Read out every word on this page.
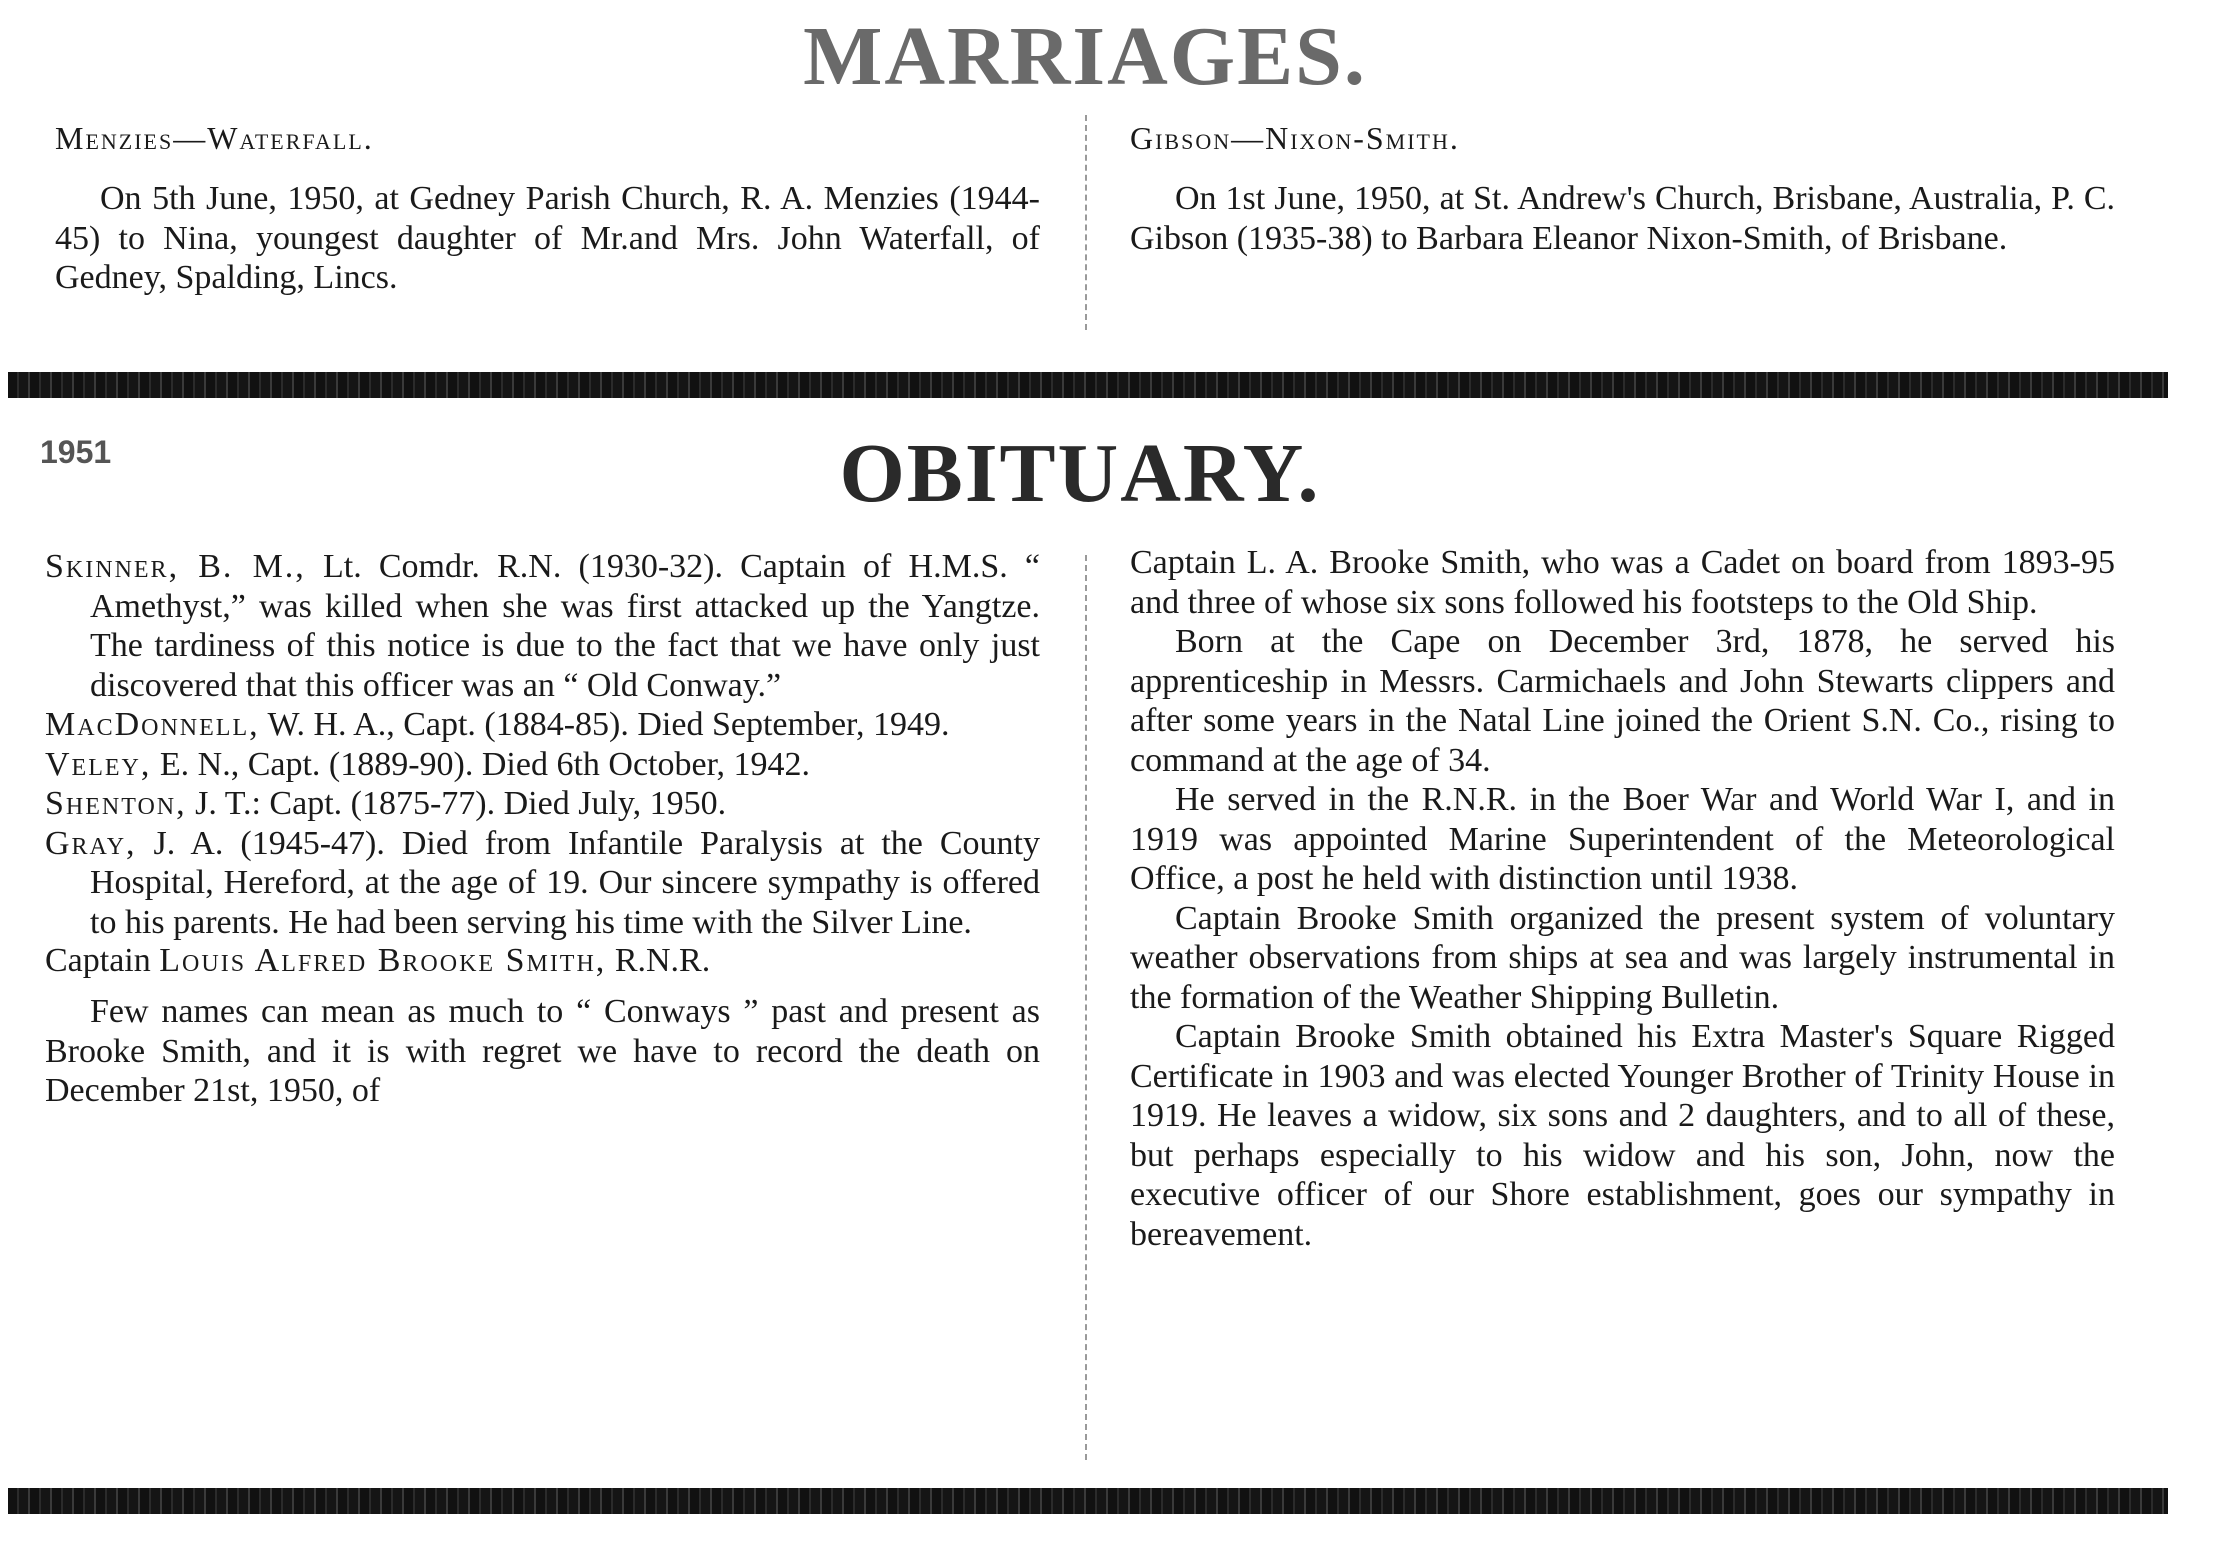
MARRIAGES.
Menzies—Waterfall.

On 5th June, 1950, at Gedney Parish Church, R. A. Menzies (1944-45) to Nina, youngest daughter of Mr.and Mrs. John Waterfall, of Gedney, Spalding, Lincs.

Gibson—Nixon-Smith.

On 1st June, 1950, at St. Andrew's Church, Brisbane, Australia, P. C. Gibson (1935-38) to Barbara Eleanor Nixon-Smith, of Brisbane.

1951	OBITUARY.

Skinner, B. M., Lt. Comdr. R.N. (1930-32). Captain of H.M.S. “ Amethyst,” was killed when she was first attacked up the Yangtze. The tardiness of this notice is due to the fact that we have only just discovered that this officer was an “ Old Conway.”

MacDonnell, W. H. A., Capt. (1884-85). Died September, 1949.

Veley, E. N., Capt. (1889-90). Died 6th October, 1942.

Shenton, J. T.: Capt. (1875-77). Died July, 1950.

Gray, J. A. (1945-47). Died from Infantile Paralysis at the County Hospital, Hereford, at the age of 19. Our sincere sympathy is offered to his parents. He had been serving his time with the Silver Line.

Captain Louis Alfred Brooke Smith, R.N.R.

Few names can mean as much to “ Conways ” past and present as Brooke Smith, and it is with regret we have to record the death on December 21st, 1950, of

Captain L. A. Brooke Smith, who was a Cadet on board from 1893-95 and three of whose six sons followed his footsteps to the Old Ship.

Born at the Cape on December 3rd, 1878, he served his apprenticeship in Messrs. Carmichaels and John Stewarts clippers and after some years in the Natal Line joined the Orient S.N. Co., rising to command at the age of 34.

He served in the R.N.R. in the Boer War and World War I, and in 1919 was appointed Marine Superintendent of the Meteorological Office, a post he held with distinction until 1938.

Captain Brooke Smith organized the present system of voluntary weather observations from ships at sea and was largely instrumental in the formation of the Weather Shipping Bulletin.

Captain Brooke Smith obtained his Extra Master's Square Rigged Certificate in 1903 and was elected Younger Brother of Trinity House in 1919. He leaves a widow, six sons and 2 daughters, and to all of these, but perhaps especially to his widow and his son, John, now the executive officer of our Shore establishment, goes our sympathy in bereavement.
